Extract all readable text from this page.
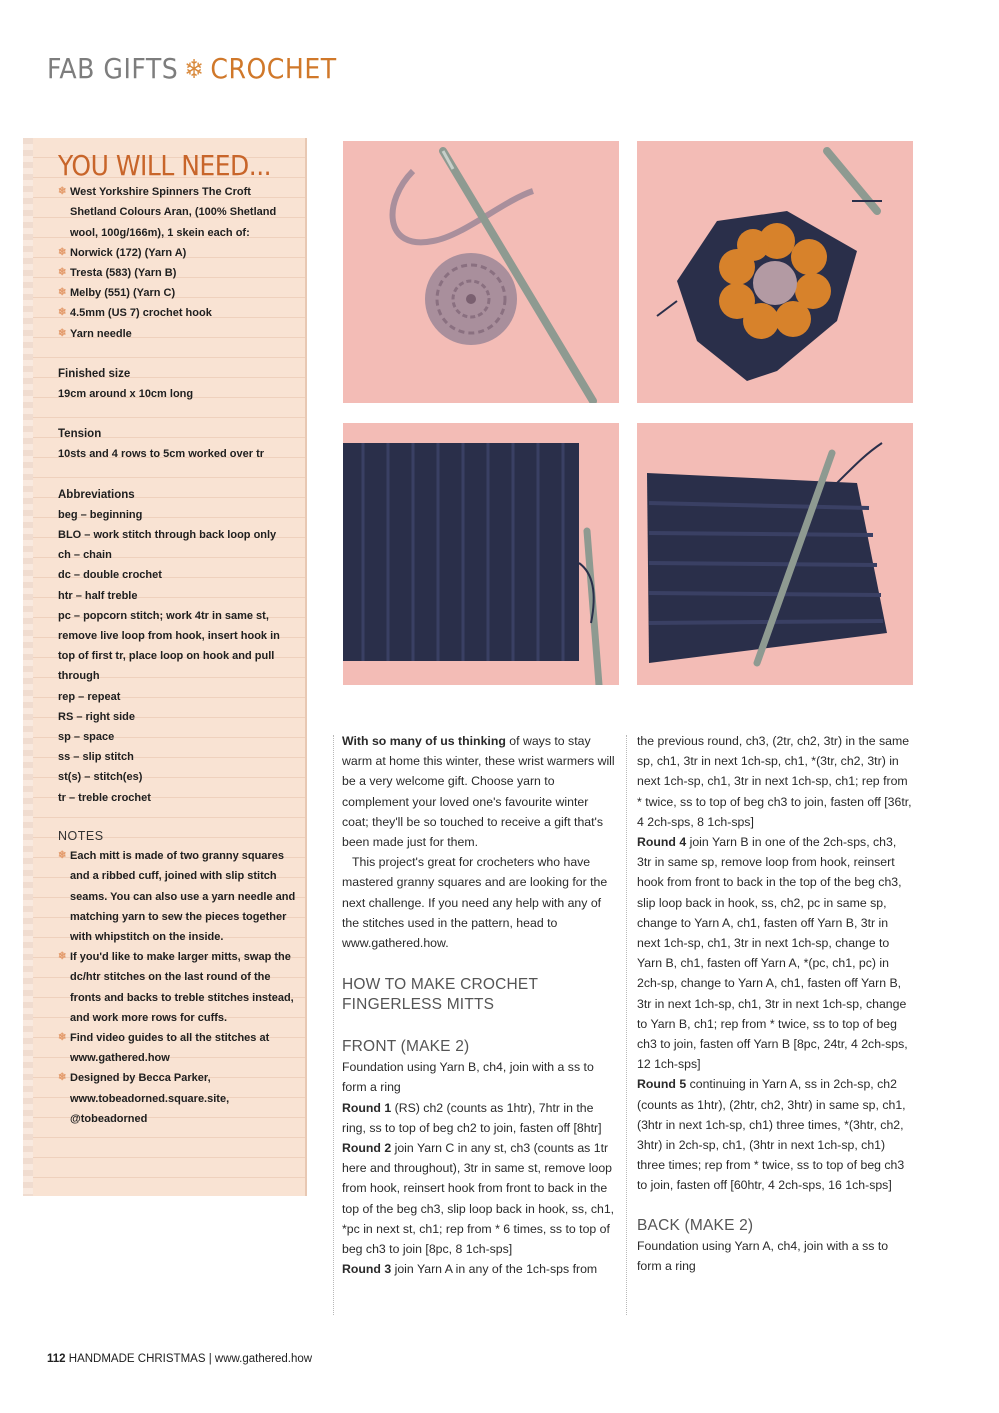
FAB GIFTS ❄ CROCHET
YOU WILL NEED...
❄ West Yorkshire Spinners The Croft Shetland Colours Aran, (100% Shetland wool, 100g/166m), 1 skein each of:
❄ Norwick (172) (Yarn A)
❄ Tresta (583) (Yarn B)
❄ Melby (551) (Yarn C)
❄ 4.5mm (US 7) crochet hook
❄ Yarn needle
Finished size
19cm around x 10cm long
Tension
10sts and 4 rows to 5cm worked over tr
Abbreviations
beg – beginning
BLO – work stitch through back loop only
ch – chain
dc – double crochet
htr – half treble
pc – popcorn stitch; work 4tr in same st, remove live loop from hook, insert hook in top of first tr, place loop on hook and pull through
rep – repeat
RS – right side
sp – space
ss – slip stitch
st(s) – stitch(es)
tr – treble crochet
NOTES
❄ Each mitt is made of two granny squares and a ribbed cuff, joined with slip stitch seams. You can also use a yarn needle and matching yarn to sew the pieces together with whipstitch on the inside.
❄ If you'd like to make larger mitts, swap the dc/htr stitches on the last round of the fronts and backs to treble stitches instead, and work more rows for cuffs.
❄ Find video guides to all the stitches at www.gathered.how
❄ Designed by Becca Parker, www.tobeadorned.square.site, @tobeadorned

With so many of us thinking of ways to stay warm at home this winter, these wrist warmers will be a very welcome gift. Choose yarn to complement your loved one's favourite winter coat; they'll be so touched to receive a gift that's been made just for them.

This project's great for crocheters who have mastered granny squares and are looking for the next challenge. If you need any help with any of the stitches used in the pattern, head to www.gathered.how.

HOW TO MAKE CROCHET FINGERLESS MITTS

FRONT (MAKE 2)

Foundation using Yarn B, ch4, join with a ss to form a ring

Round 1 (RS) ch2 (counts as 1htr), 7htr in the ring, ss to top of beg ch2 to join, fasten off [8htr]

Round 2 join Yarn C in any st, ch3 (counts as 1tr here and throughout), 3tr in same st, remove loop from hook, reinsert hook from front to back in the top of the beg ch3, slip loop back in hook, ss, ch1, *pc in next st, ch1; rep from * 6 times, ss to top of beg ch3 to join [8pc, 8 1ch-sps]

Round 3 join Yarn A in any of the 1ch-sps from

the previous round, ch3, (2tr, ch2, 3tr) in the same sp, ch1, 3tr in next 1ch-sp, ch1, *(3tr, ch2, 3tr) in next 1ch-sp, ch1, 3tr in next 1ch-sp, ch1; rep from * twice, ss to top of beg ch3 to join, fasten off [36tr, 4 2ch-sps, 8 1ch-sps]

Round 4 join Yarn B in one of the 2ch-sps, ch3, 3tr in same sp, remove loop from hook, reinsert hook from front to back in the top of the beg ch3, slip loop back in hook, ss, ch2, pc in same sp, change to Yarn A, ch1, fasten off Yarn B, 3tr in next 1ch-sp, ch1, 3tr in next 1ch-sp, change to Yarn B, ch1, fasten off Yarn A, *(pc, ch1, pc) in 2ch-sp, change to Yarn A, ch1, fasten off Yarn B, 3tr in next 1ch-sp, ch1, 3tr in next 1ch-sp, change to Yarn B, ch1; rep from * twice, ss to top of beg ch3 to join, fasten off Yarn B [8pc, 24tr, 4 2ch-sps, 12 1ch-sps]

Round 5 continuing in Yarn A, ss in 2ch-sp, ch2 (counts as 1htr), (2htr, ch2, 3htr) in same sp, ch1, (3htr in next 1ch-sp, ch1) three times, *(3htr, ch2, 3htr) in 2ch-sp, ch1, (3htr in next 1ch-sp, ch1) three times; rep from * twice, ss to top of beg ch3 to join, fasten off [60htr, 4 2ch-sps, 16 1ch-sps]

BACK (MAKE 2)

Foundation using Yarn A, ch4, join with a ss to form a ring

112 HANDMADE CHRISTMAS | www.gathered.how
